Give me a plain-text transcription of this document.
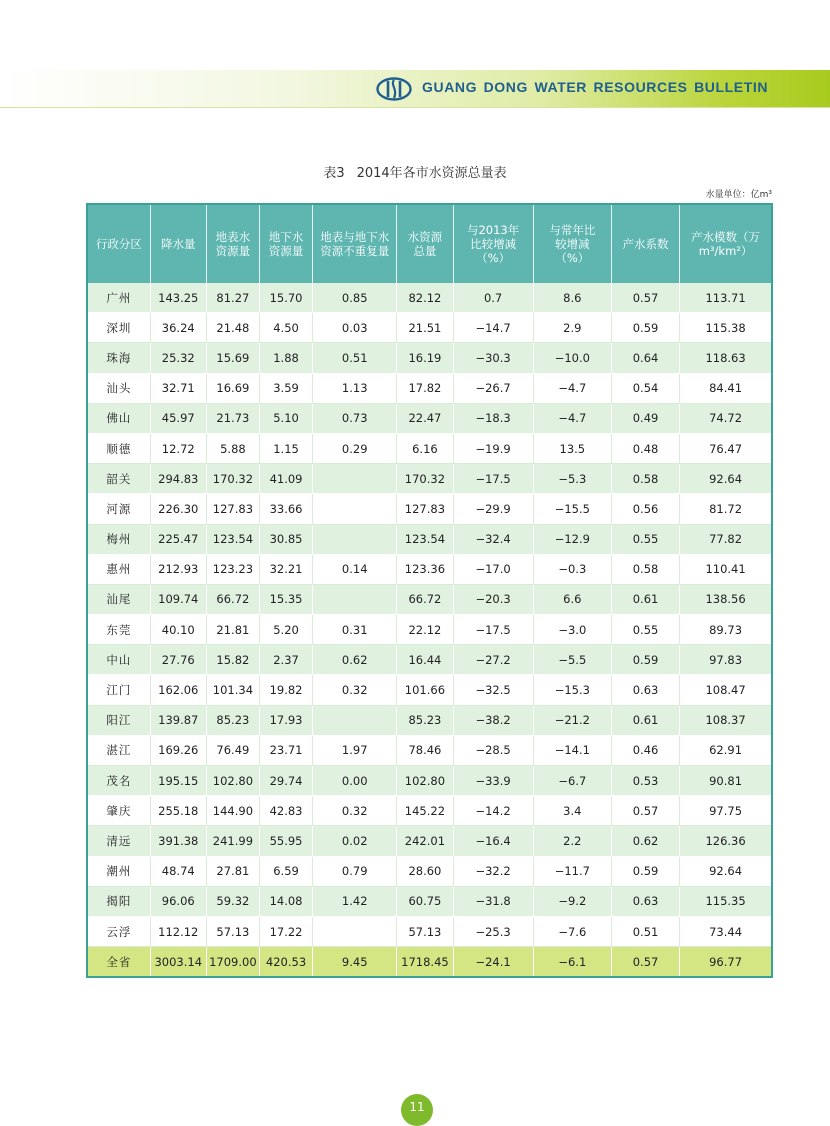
GUANG DONG WATER RESOURCES BULLETIN
表3 2014年各市水资源总量表
水量单位：亿m³
行政分区	降水量	地表水资源量	地下水资源量	地表与地下水资源不重复量	水资源总量	与2013年比较增减（%）	与常年比较增减（%）	产水系数	产水模数（万m³/km²）
广州	143.25	81.27	15.70	0.85	82.12	0.7	8.6	0.57	113.71
深圳	36.24	21.48	4.50	0.03	21.51	−14.7	2.9	0.59	115.38
珠海	25.32	15.69	1.88	0.51	16.19	−30.3	−10.0	0.64	118.63
汕头	32.71	16.69	3.59	1.13	17.82	−26.7	−4.7	0.54	84.41
佛山	45.97	21.73	5.10	0.73	22.47	−18.3	−4.7	0.49	74.72
顺德	12.72	5.88	1.15	0.29	6.16	−19.9	13.5	0.48	76.47
韶关	294.83	170.32	41.09		170.32	−17.5	−5.3	0.58	92.64
河源	226.30	127.83	33.66		127.83	−29.9	−15.5	0.56	81.72
梅州	225.47	123.54	30.85		123.54	−32.4	−12.9	0.55	77.82
惠州	212.93	123.23	32.21	0.14	123.36	−17.0	−0.3	0.58	110.41
汕尾	109.74	66.72	15.35		66.72	−20.3	6.6	0.61	138.56
东莞	40.10	21.81	5.20	0.31	22.12	−17.5	−3.0	0.55	89.73
中山	27.76	15.82	2.37	0.62	16.44	−27.2	−5.5	0.59	97.83
江门	162.06	101.34	19.82	0.32	101.66	−32.5	−15.3	0.63	108.47
阳江	139.87	85.23	17.93		85.23	−38.2	−21.2	0.61	108.37
湛江	169.26	76.49	23.71	1.97	78.46	−28.5	−14.1	0.46	62.91
茂名	195.15	102.80	29.74	0.00	102.80	−33.9	−6.7	0.53	90.81
肇庆	255.18	144.90	42.83	0.32	145.22	−14.2	3.4	0.57	97.75
清远	391.38	241.99	55.95	0.02	242.01	−16.4	2.2	0.62	126.36
潮州	48.74	27.81	6.59	0.79	28.60	−32.2	−11.7	0.59	92.64
揭阳	96.06	59.32	14.08	1.42	60.75	−31.8	−9.2	0.63	115.35
云浮	112.12	57.13	17.22		57.13	−25.3	−7.6	0.51	73.44
全省	3003.14	1709.00	420.53	9.45	1718.45	−24.1	−6.1	0.57	96.77
11
